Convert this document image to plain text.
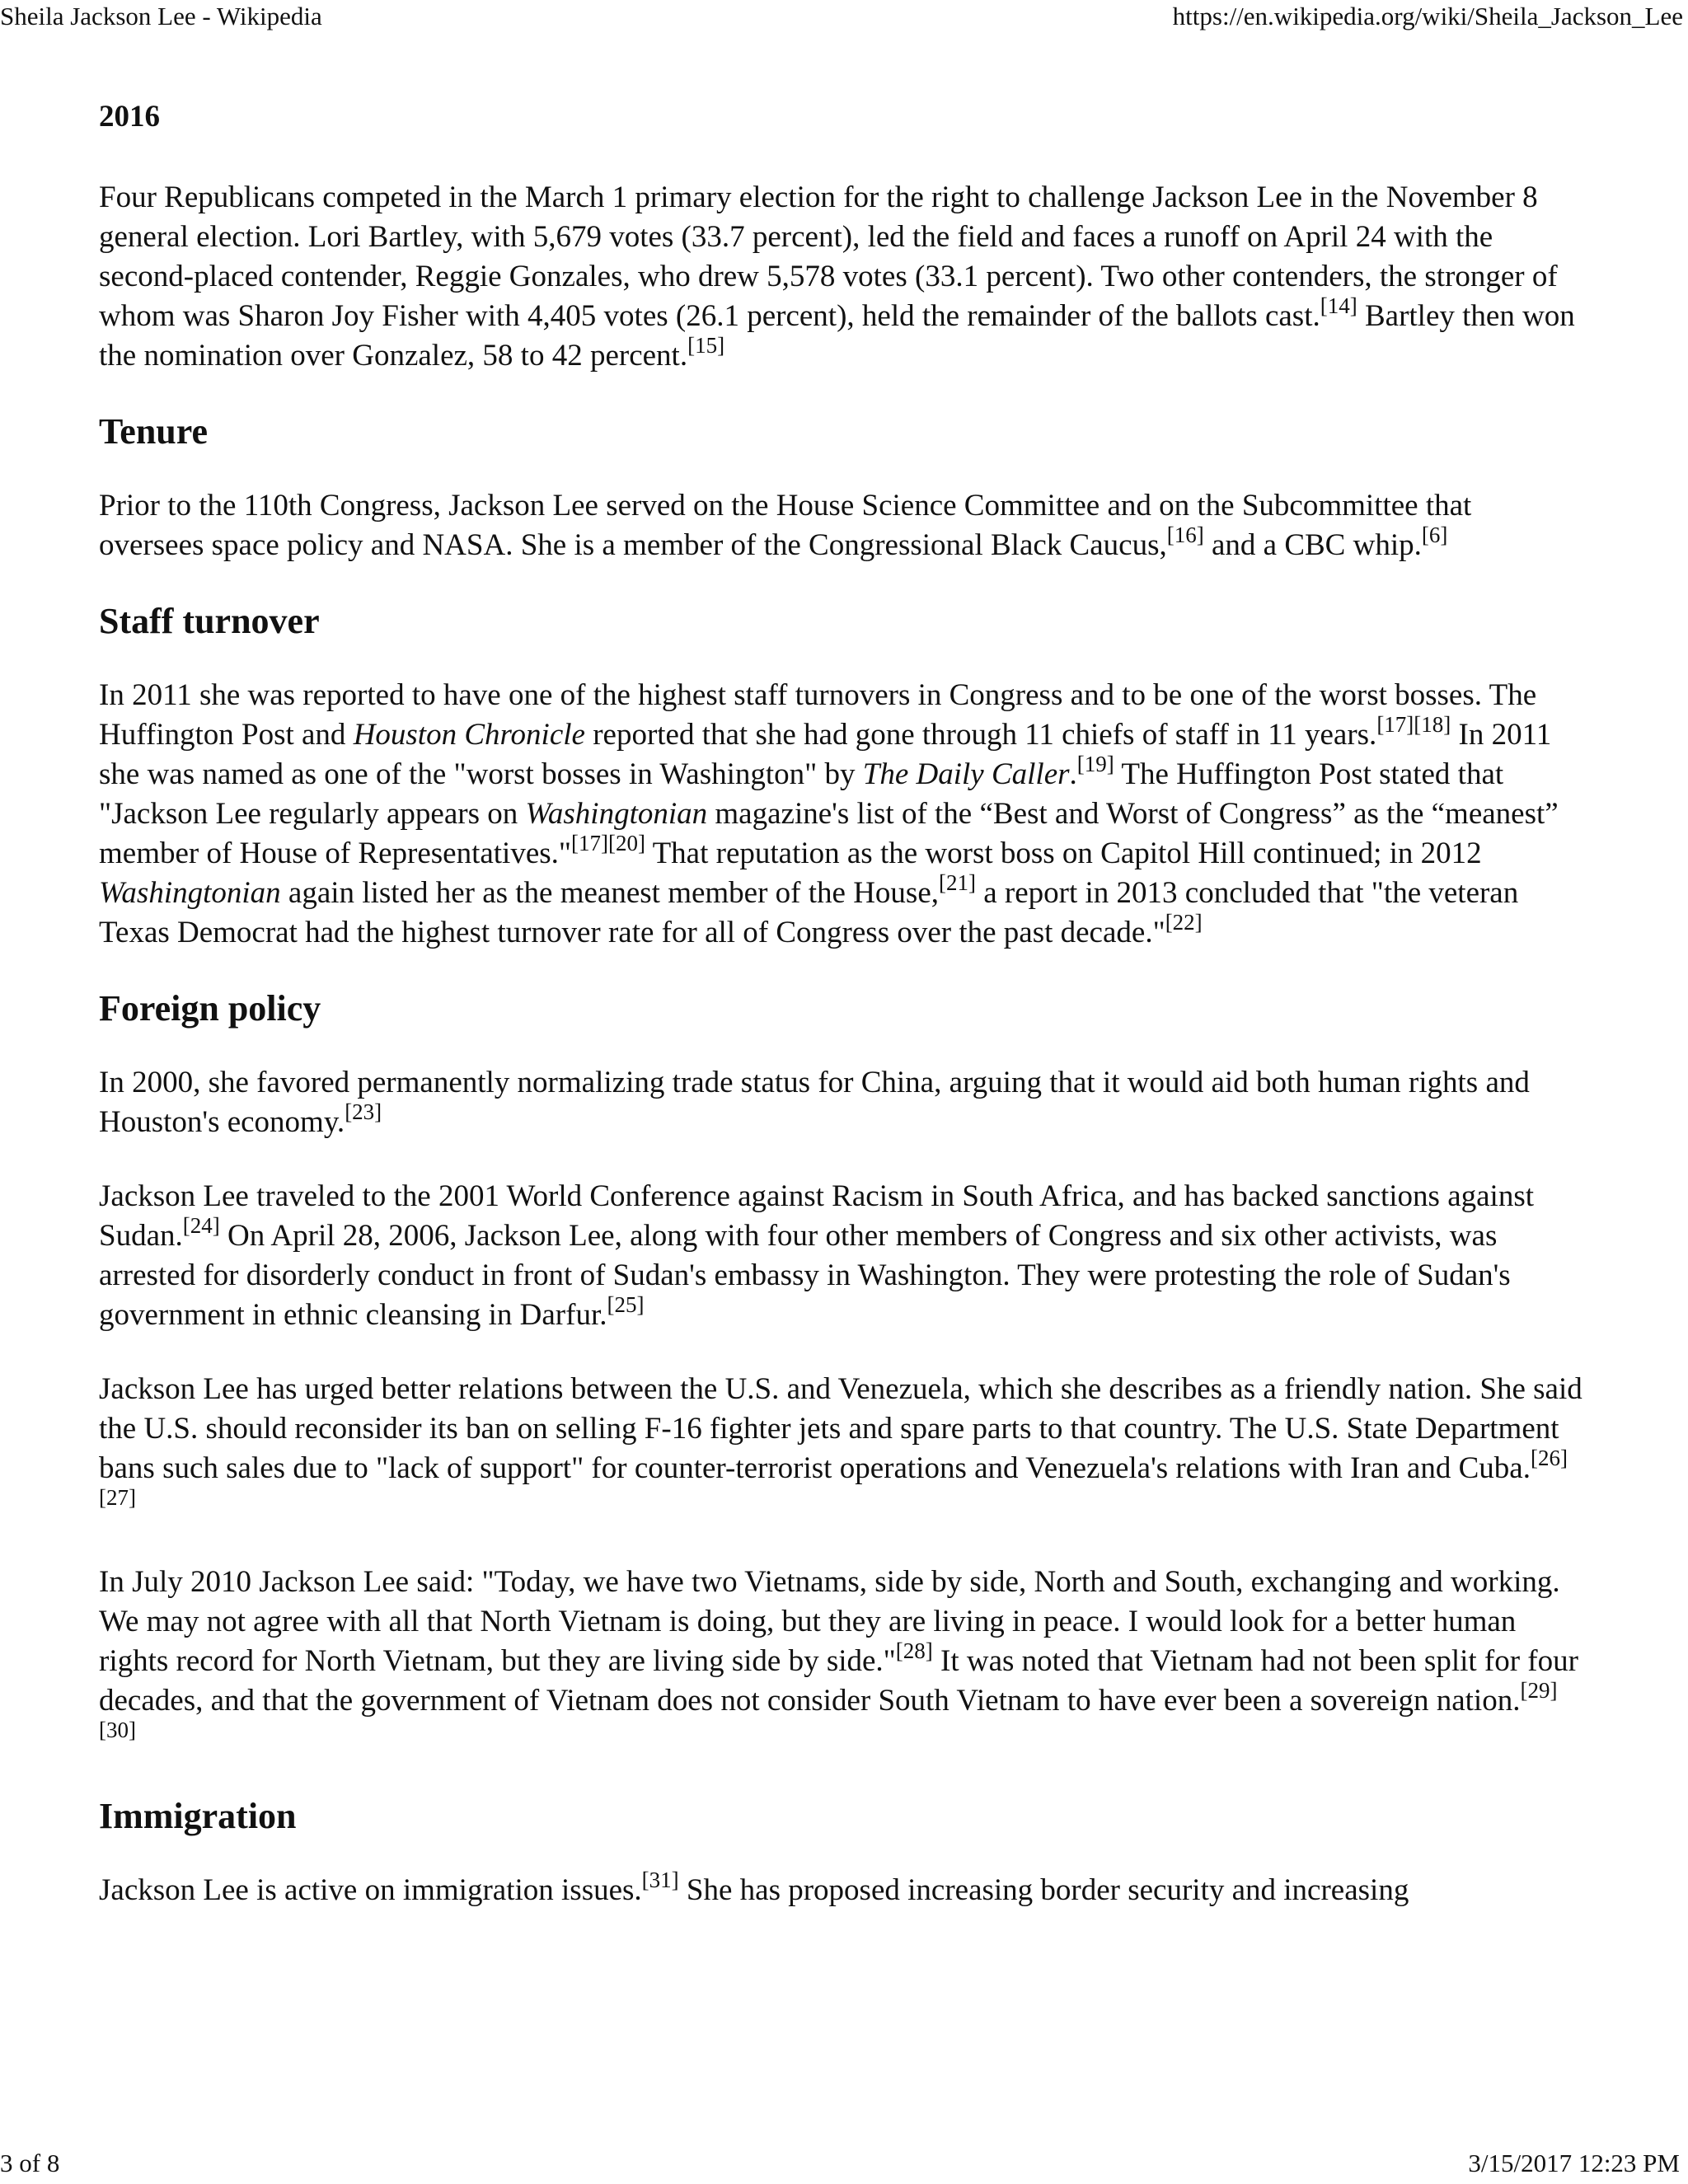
Sheila Jackson Lee - Wikipedia	https://en.wikipedia.org/wiki/Sheila_Jackson_Lee
2016

Four Republicans competed in the March 1 primary election for the right to challenge Jackson Lee in the November 8 general election. Lori Bartley, with 5,679 votes (33.7 percent), led the field and faces a runoff on April 24 with the second-placed contender, Reggie Gonzales, who drew 5,578 votes (33.1 percent). Two other contenders, the stronger of whom was Sharon Joy Fisher with 4,405 votes (26.1 percent), held the remainder of the ballots cast.[14] Bartley then won the nomination over Gonzalez, 58 to 42 percent.[15]

Tenure

Prior to the 110th Congress, Jackson Lee served on the House Science Committee and on the Subcommittee that oversees space policy and NASA. She is a member of the Congressional Black Caucus,[16] and a CBC whip.[6]

Staff turnover

In 2011 she was reported to have one of the highest staff turnovers in Congress and to be one of the worst bosses. The Huffington Post and Houston Chronicle reported that she had gone through 11 chiefs of staff in 11 years.[17][18] In 2011 she was named as one of the "worst bosses in Washington" by The Daily Caller.[19] The Huffington Post stated that "Jackson Lee regularly appears on Washingtonian magazine's list of the “Best and Worst of Congress” as the “meanest” member of House of Representatives."[17][20] That reputation as the worst boss on Capitol Hill continued; in 2012 Washingtonian again listed her as the meanest member of the House,[21] a report in 2013 concluded that "the veteran Texas Democrat had the highest turnover rate for all of Congress over the past decade."[22]

Foreign policy

In 2000, she favored permanently normalizing trade status for China, arguing that it would aid both human rights and Houston's economy.[23]

Jackson Lee traveled to the 2001 World Conference against Racism in South Africa, and has backed sanctions against Sudan.[24] On April 28, 2006, Jackson Lee, along with four other members of Congress and six other activists, was arrested for disorderly conduct in front of Sudan's embassy in Washington. They were protesting the role of Sudan's government in ethnic cleansing in Darfur.[25]

Jackson Lee has urged better relations between the U.S. and Venezuela, which she describes as a friendly nation. She said the U.S. should reconsider its ban on selling F-16 fighter jets and spare parts to that country. The U.S. State Department bans such sales due to "lack of support" for counter-terrorist operations and Venezuela's relations with Iran and Cuba.[26][27]

In July 2010 Jackson Lee said: "Today, we have two Vietnams, side by side, North and South, exchanging and working. We may not agree with all that North Vietnam is doing, but they are living in peace. I would look for a better human rights record for North Vietnam, but they are living side by side."[28] It was noted that Vietnam had not been split for four decades, and that the government of Vietnam does not consider South Vietnam to have ever been a sovereign nation.[29][30]

Immigration

Jackson Lee is active on immigration issues.[31] She has proposed increasing border security and increasing

3 of 8	3/15/2017 12:23 PM
